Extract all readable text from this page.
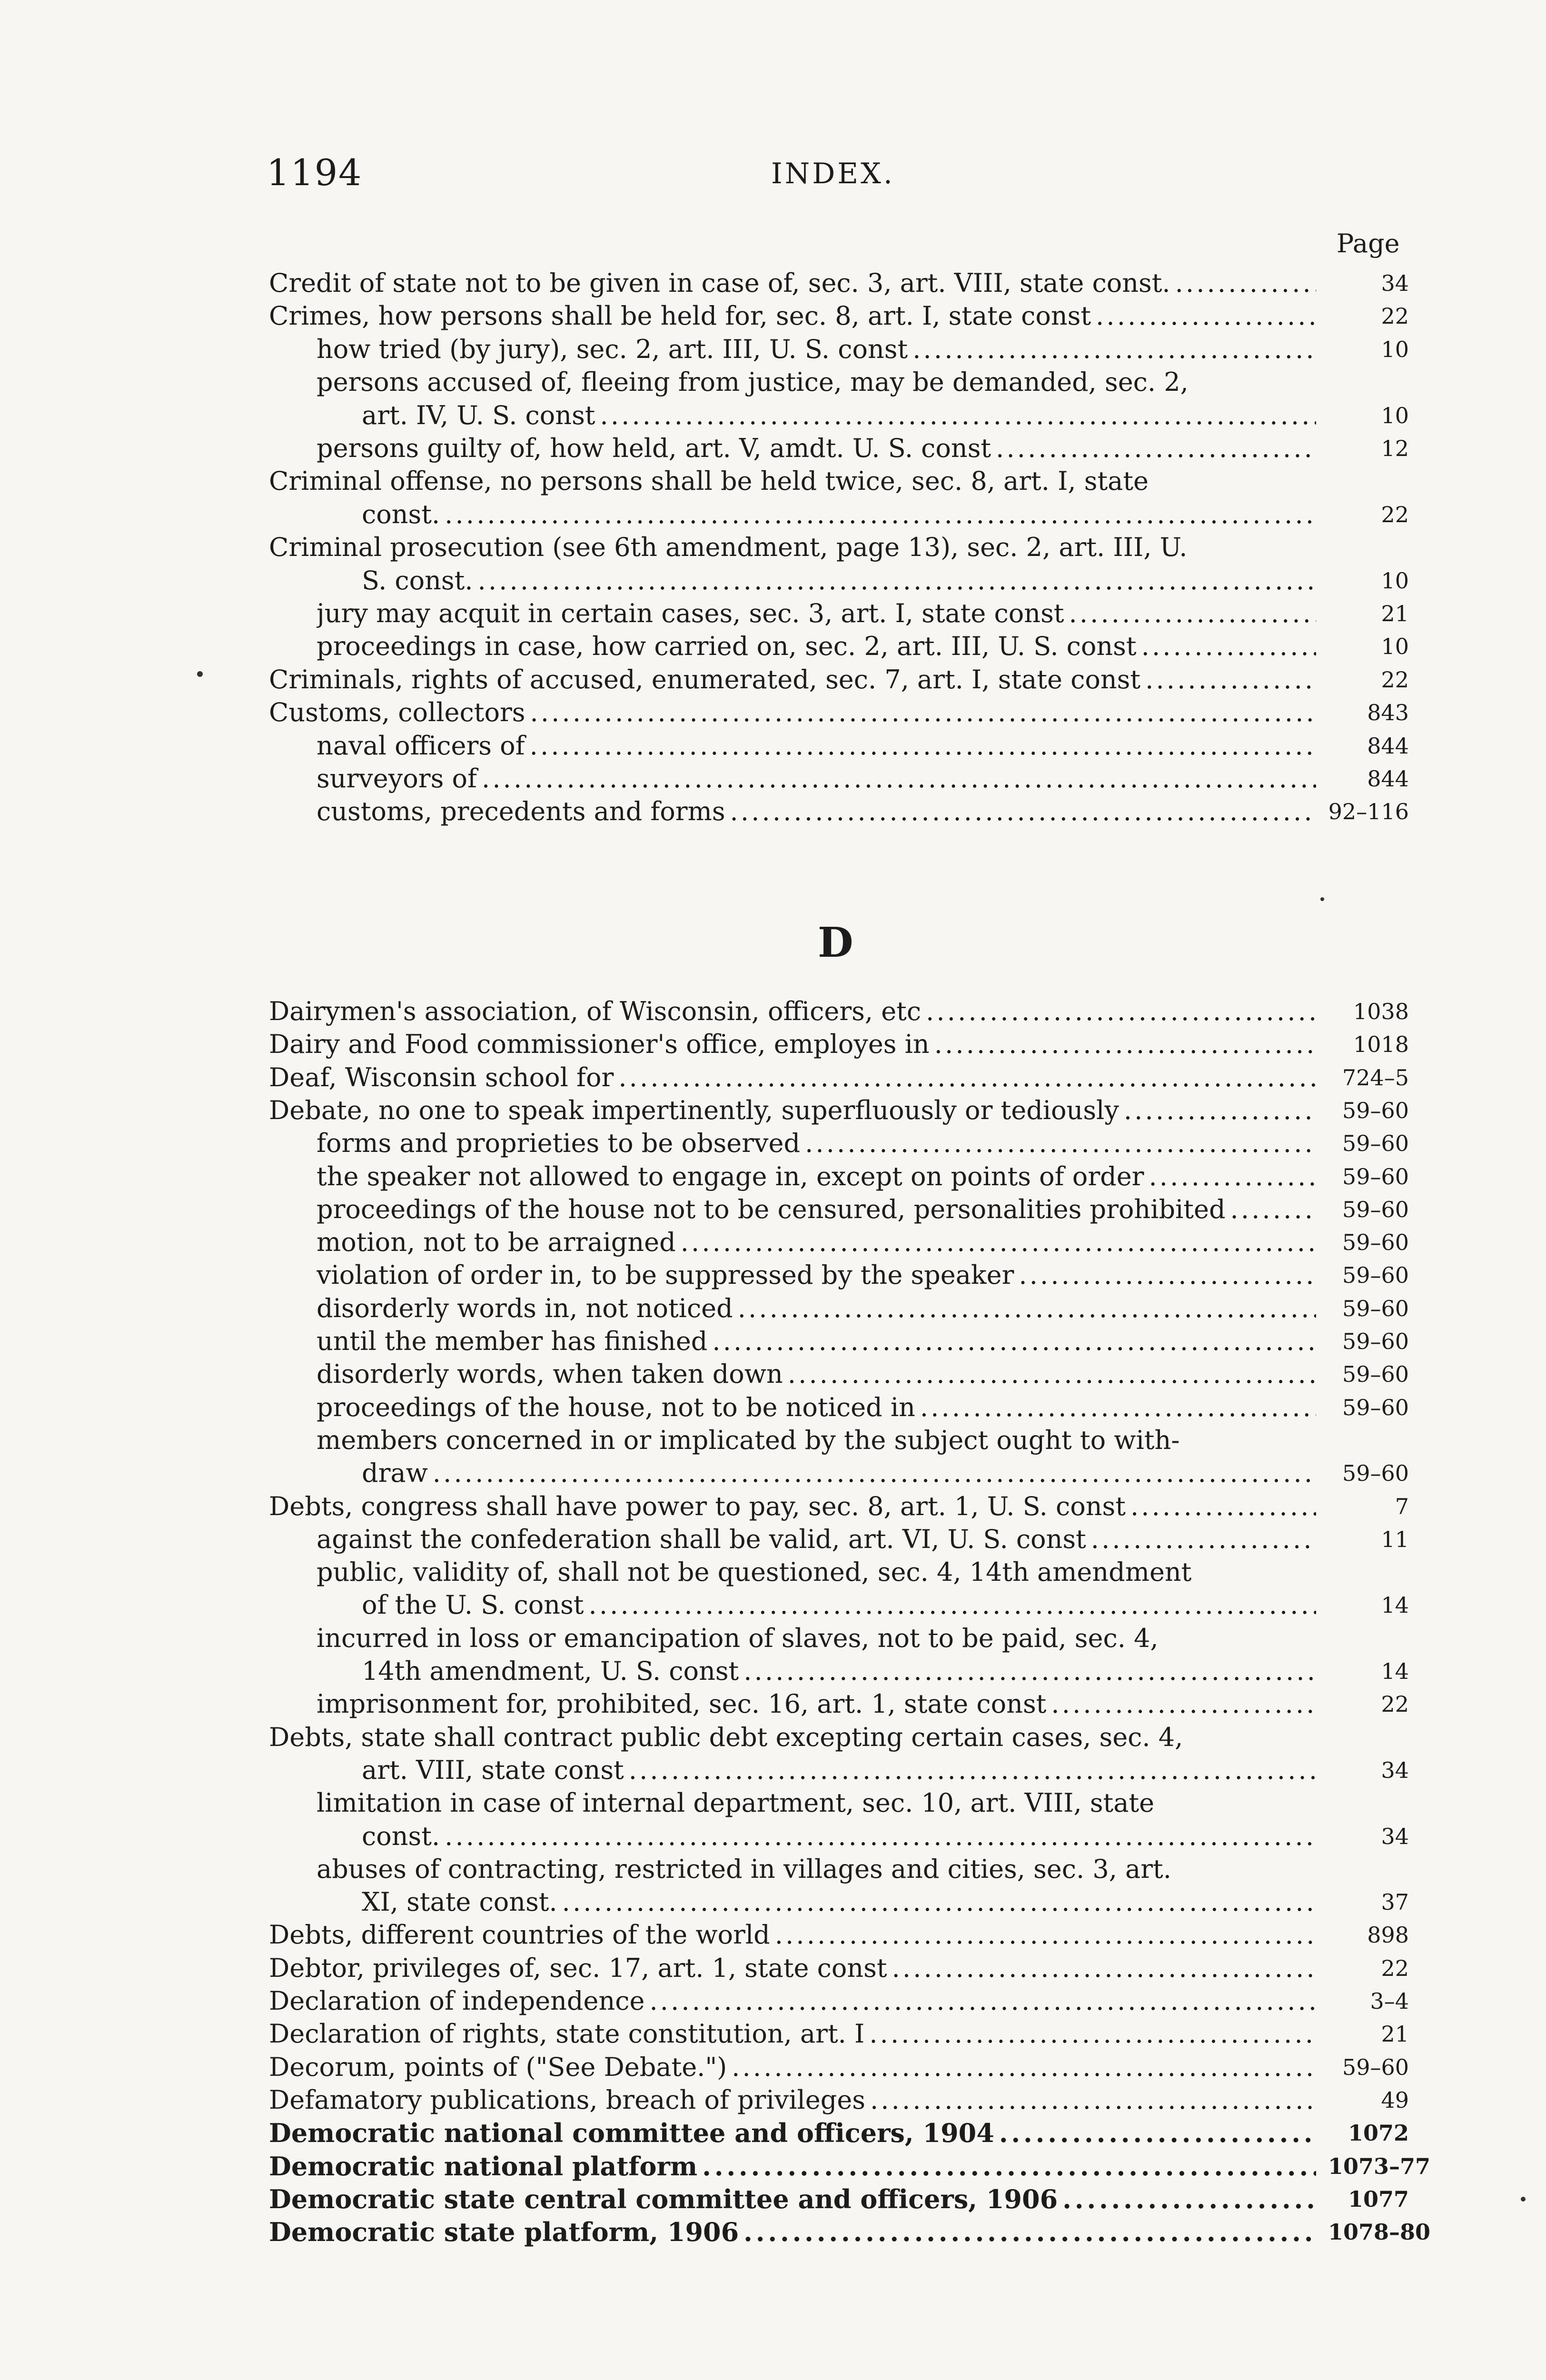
1194	INDEX.
Page
Credit of state not to be given in case of, sec. 3, art. VIII, state const. . . .	34
Crimes, how persons shall be held for, sec. 8, art. I, state const . . .	22
how tried (by jury), sec. 2, art. III, U. S. const . . .	10
persons accused of, fleeing from justice, may be demanded, sec. 2,
art. IV, U. S. const . . .	10
persons guilty of, how held, art. V, amdt. U. S. const . . .	12
Criminal offense, no persons shall be held twice, sec. 8, art. I, state
const. . . .	22
Criminal prosecution (see 6th amendment, page 13), sec. 2, art. III, U.
S. const. . . .	10
jury may acquit in certain cases, sec. 3, art. I, state const . . .	21
proceedings in case, how carried on, sec. 2, art. III, U. S. const . . .	10
Criminals, rights of accused, enumerated, sec. 7, art. I, state const . . .	22
Customs, collectors . . .	843
naval officers of . . .	844
surveyors of . . .	844
customs, precedents and forms . . .	92–116
Dairymen's association, of Wisconsin, officers, etc . . .	1038
Dairy and Food commissioner's office, employes in . . .	1018
Deaf, Wisconsin school for . . .	724–5
Debate, no one to speak impertinently, superfluously or tediously . . .	59–60
forms and proprieties to be observed . . .	59–60
the speaker not allowed to engage in, except on points of order . . .	59–60
proceedings of the house not to be censured, personalities prohibited . . .	59–60
motion, not to be arraigned . . .	59–60
violation of order in, to be suppressed by the speaker . . .	59–60
disorderly words in, not noticed . . .	59–60
until the member has finished . . .	59–60
disorderly words, when taken down . . .	59–60
proceedings of the house, not to be noticed in . . .	59–60
members concerned in or implicated by the subject ought to with-
draw . . .	59–60
Debts, congress shall have power to pay, sec. 8, art. 1, U. S. const . . .	7
against the confederation shall be valid, art. VI, U. S. const . . .	11
public, validity of, shall not be questioned, sec. 4, 14th amendment
of the U. S. const . . .	14
incurred in loss or emancipation of slaves, not to be paid, sec. 4,
14th amendment, U. S. const . . .	14
imprisonment for, prohibited, sec. 16, art. 1, state const . . .	22
Debts, state shall contract public debt excepting certain cases, sec. 4,
art. VIII, state const . . .	34
limitation in case of internal department, sec. 10, art. VIII, state
const. . . .	34
abuses of contracting, restricted in villages and cities, sec. 3, art.
XI, state const. . . .	37
Debts, different countries of the world . . .	898
Debtor, privileges of, sec. 17, art. 1, state const . . .	22
Declaration of independence . . .	3–4
Declaration of rights, state constitution, art. I . . .	21
Decorum, points of ("See Debate.") . . .	59–60
Defamatory publications, breach of privileges . . .	49
Democratic national committee and officers, 1904 . . .	1072
Democratic national platform . . .	1073–77
Democratic state central committee and officers, 1906 . . .	1077
Democratic state platform, 1906 . . .	1078–80
D
